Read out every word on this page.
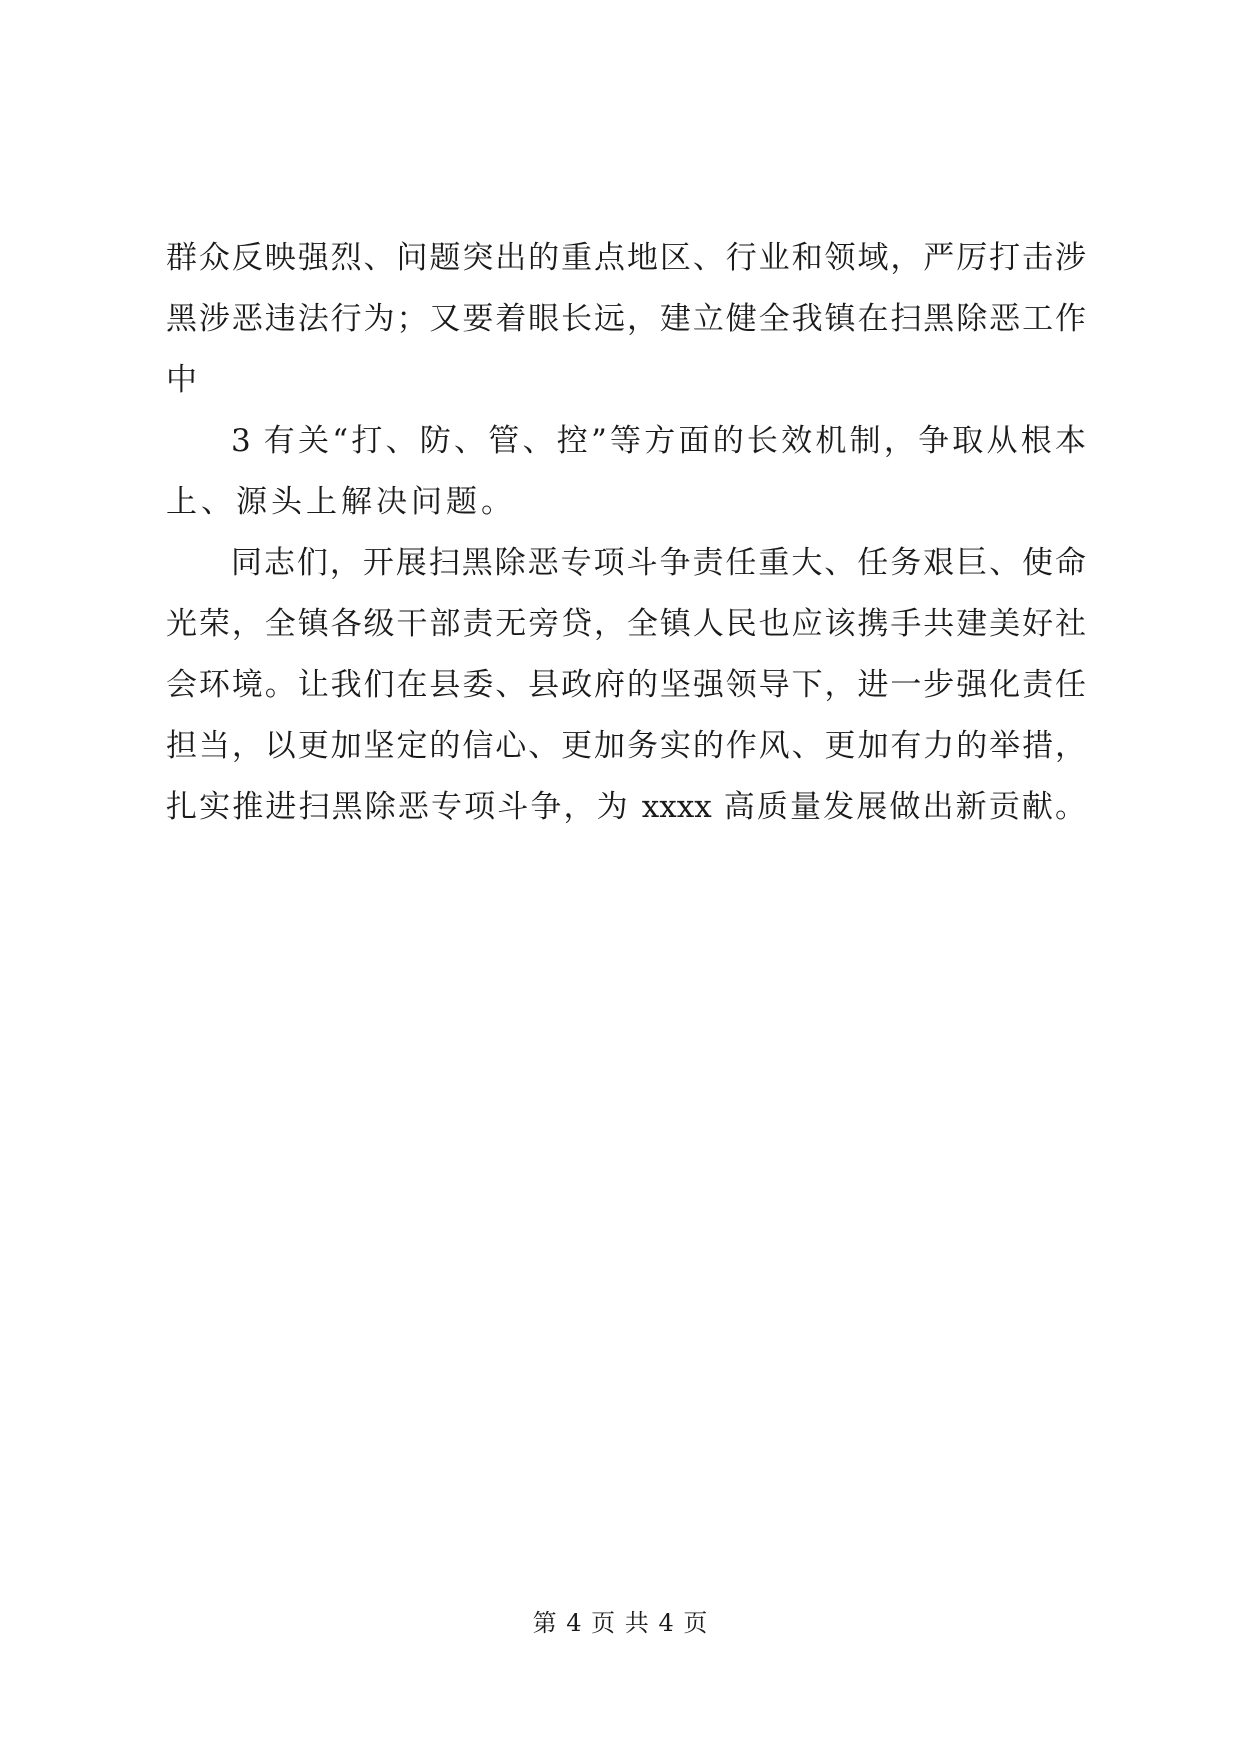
群众反映强烈、问题突出的重点地区、行业和领域，严厉打击涉

黑涉恶违法行为；又要着眼长远，建立健全我镇在扫黑除恶工作

中

3 有关“打、防、管、控”等方面的长效机制，争取从根本

上、源头上解决问题。

同志们，开展扫黑除恶专项斗争责任重大、任务艰巨、使命

光荣，全镇各级干部责无旁贷，全镇人民也应该携手共建美好社

会环境。让我们在县委、县政府的坚强领导下，进一步强化责任

担当，以更加坚定的信心、更加务实的作风、更加有力的举措，

扎实推进扫黑除恶专项斗争，为 xxxx 高质量发展做出新贡献。

第 4 页 共 4 页
